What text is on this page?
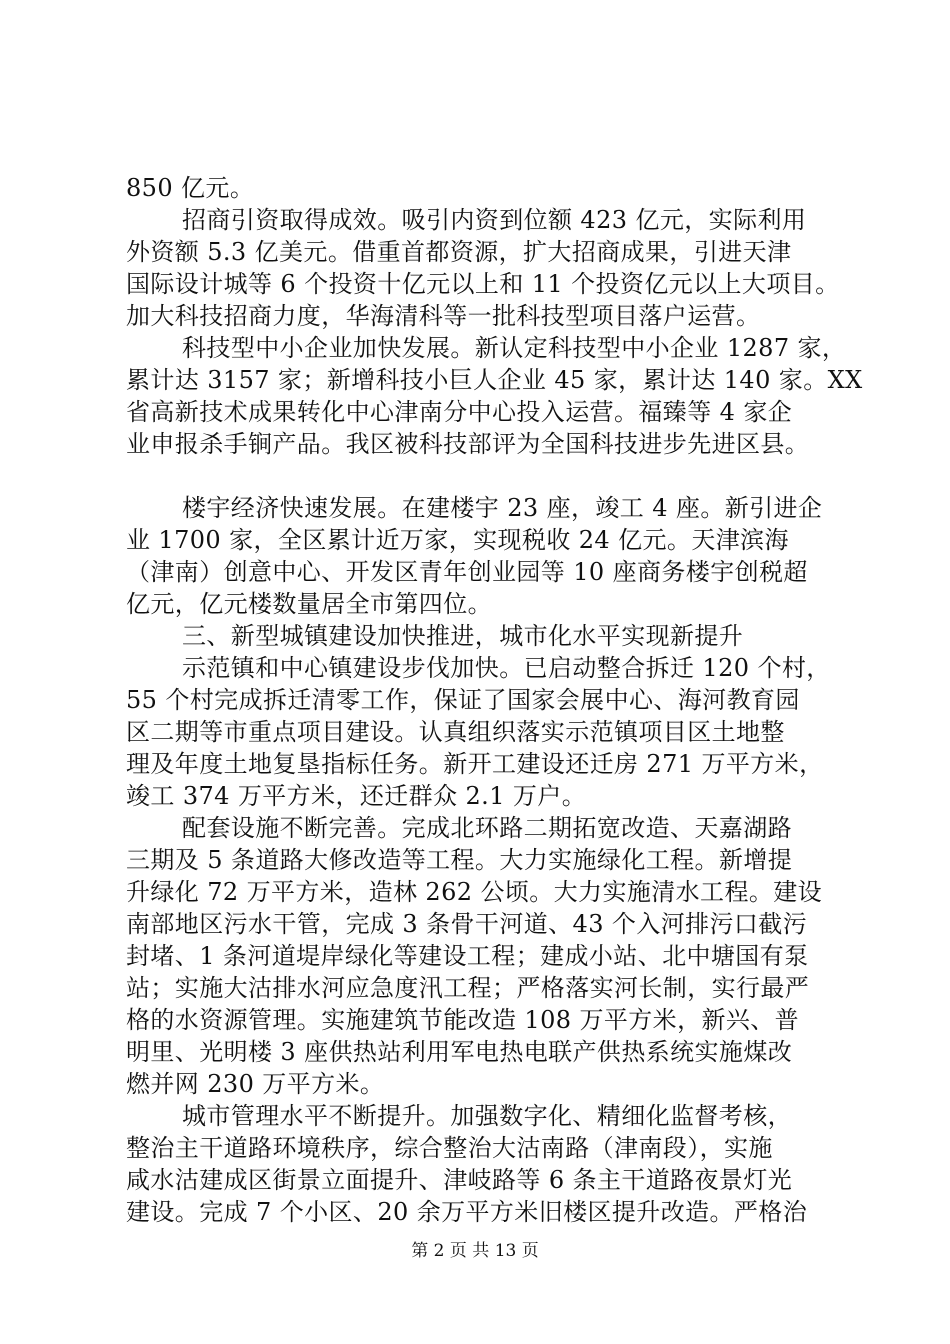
850 亿元。
招商引资取得成效。吸引内资到位额 423 亿元，实际利用
外资额 5.3 亿美元。借重首都资源，扩大招商成果，引进天津
国际设计城等 6 个投资十亿元以上和 11 个投资亿元以上大项目。
加大科技招商力度，华海清科等一批科技型项目落户运营。
科技型中小企业加快发展。新认定科技型中小企业 1287 家，
累计达 3157 家；新增科技小巨人企业 45 家，累计达 140 家。XX
省高新技术成果转化中心津南分中心投入运营。福臻等 4 家企
业申报杀手锏产品。我区被科技部评为全国科技进步先进区县。
楼宇经济快速发展。在建楼宇 23 座，竣工 4 座。新引进企
业 1700 家，全区累计近万家，实现税收 24 亿元。天津滨海
（津南）创意中心、开发区青年创业园等 10 座商务楼宇创税超
亿元，亿元楼数量居全市第四位。
三、新型城镇建设加快推进，城市化水平实现新提升
示范镇和中心镇建设步伐加快。已启动整合拆迁 120 个村，
55 个村完成拆迁清零工作，保证了国家会展中心、海河教育园
区二期等市重点项目建设。认真组织落实示范镇项目区土地整
理及年度土地复垦指标任务。新开工建设还迁房 271 万平方米，
竣工 374 万平方米，还迁群众 2.1 万户。
配套设施不断完善。完成北环路二期拓宽改造、天嘉湖路
三期及 5 条道路大修改造等工程。大力实施绿化工程。新增提
升绿化 72 万平方米，造林 262 公顷。大力实施清水工程。建设
南部地区污水干管，完成 3 条骨干河道、43 个入河排污口截污
封堵、1 条河道堤岸绿化等建设工程；建成小站、北中塘国有泵
站；实施大沽排水河应急度汛工程；严格落实河长制，实行最严
格的水资源管理。实施建筑节能改造 108 万平方米，新兴、普
明里、光明楼 3 座供热站利用军电热电联产供热系统实施煤改
燃并网 230 万平方米。
城市管理水平不断提升。加强数字化、精细化监督考核，
整治主干道路环境秩序，综合整治大沽南路（津南段），实施
咸水沽建成区街景立面提升、津岐路等 6 条主干道路夜景灯光
建设。完成 7 个小区、20 余万平方米旧楼区提升改造。严格治
第 2 页 共 13 页
